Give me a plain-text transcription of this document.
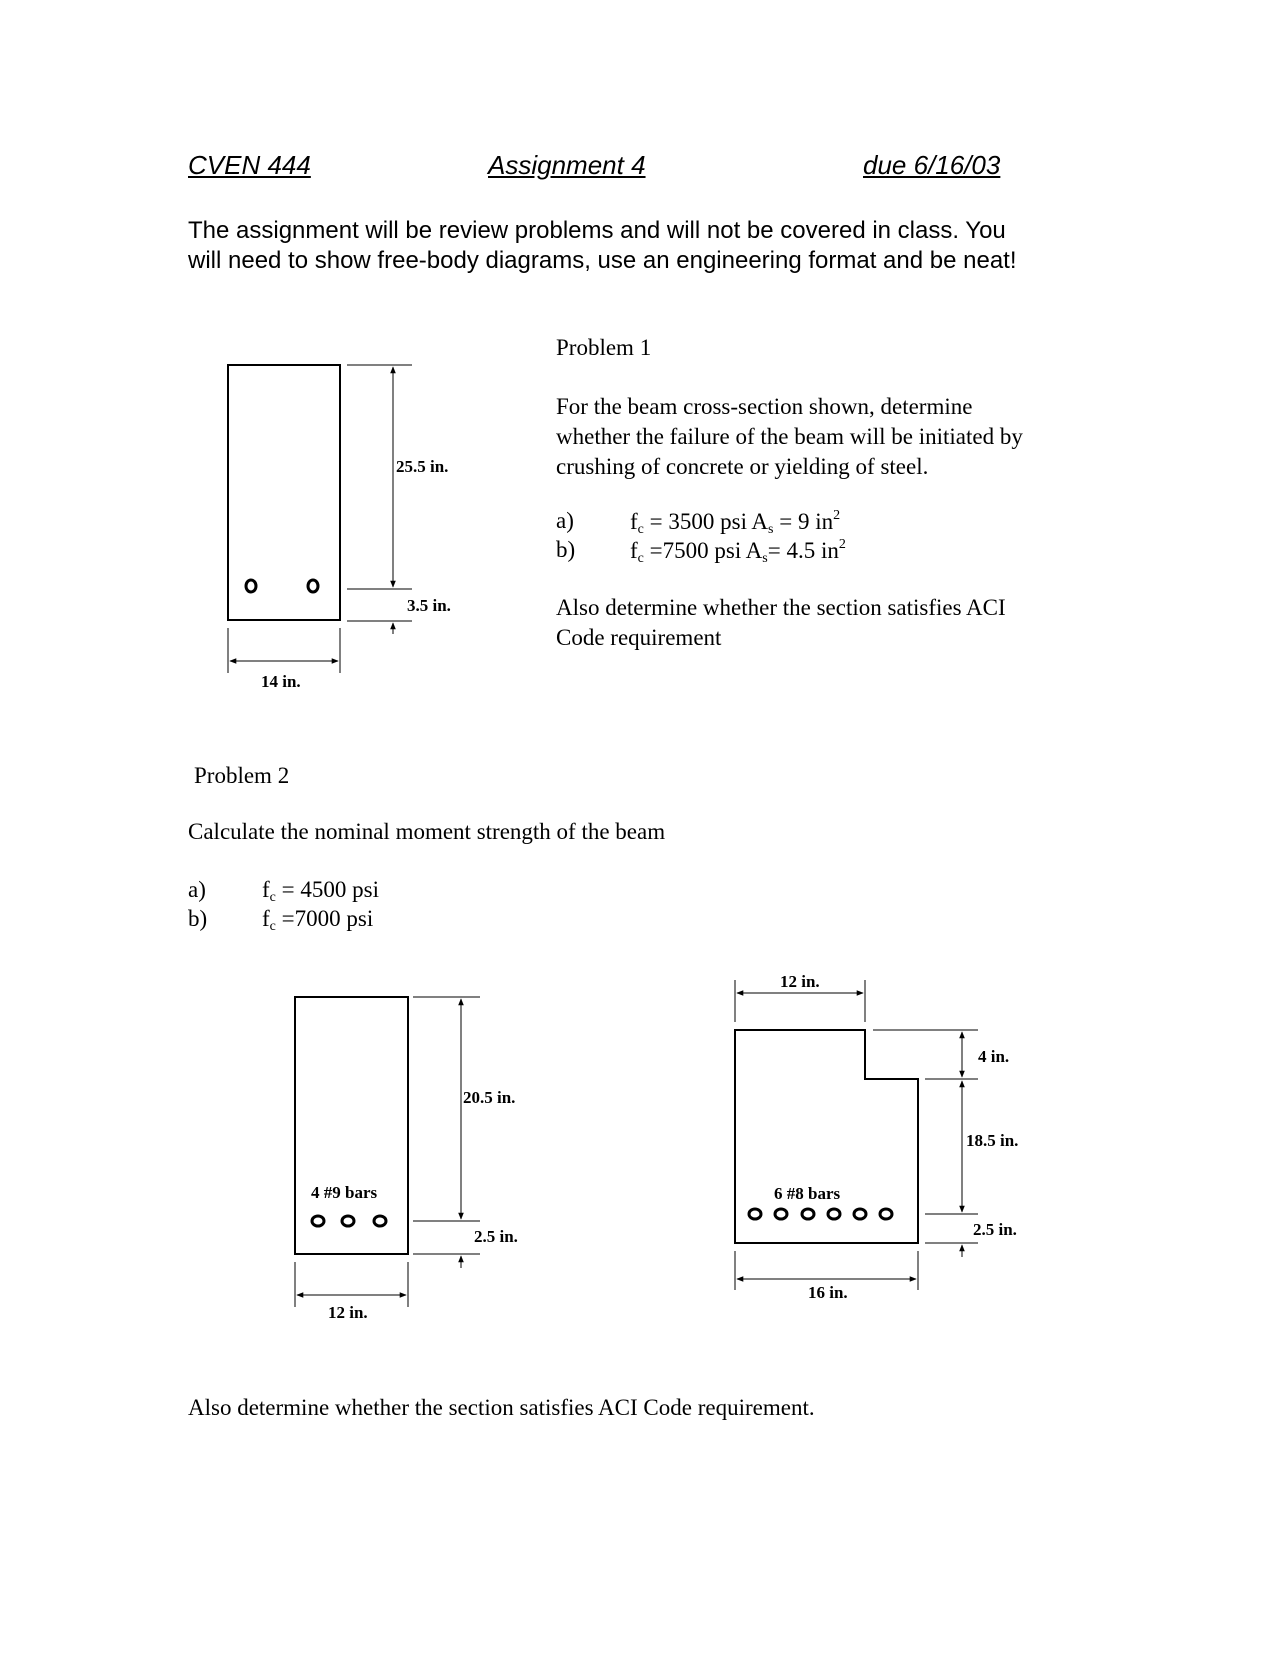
CVEN 444	Assignment 4	due 6/16/03
The assignment will be review problems and will not be covered in class. You
will need to show free-body diagrams, use an engineering format and be neat!
Problem 1
For the beam cross-section shown, determine
whether the failure of the beam will be initiated by
crushing of concrete or yielding of steel.
a) $f_c = 3500$ psi $A_s = 9$ $in^2$
b) $f_c =7500$ psi $A_s= 4.5$ $in^2$
Also determine whether the section satisfies ACI
Code requirement
Problem 2
Calculate the nominal moment strength of the beam
a) $f_c = 4500$ psi
b) $f_c =7000$ psi
Also determine whether the section satisfies ACI Code requirement.
25.5 in.
3.5 in.
14 in.
4 #9 bars
20.5 in.
2.5 in.
12 in.
6 #8 bars
12 in.
4 in.
18.5 in.
2.5 in.
16 in.
